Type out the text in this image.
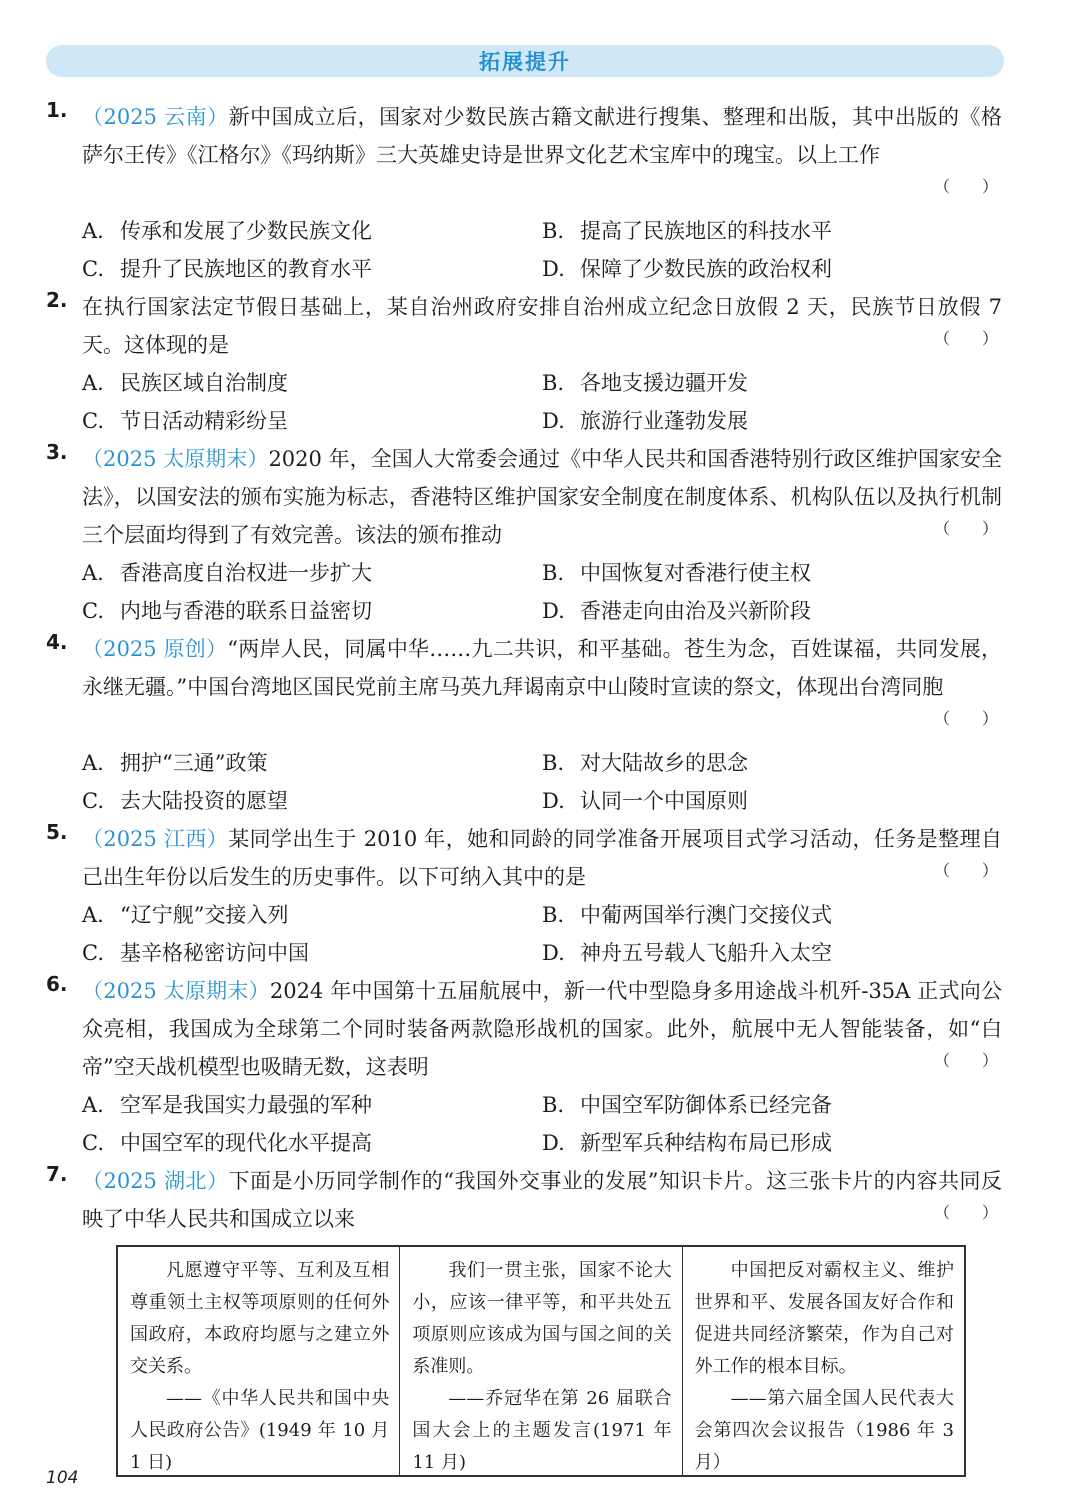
拓展提升
1. （2025 云南）新中国成立后，国家对少数民族古籍文献进行搜集、整理和出版，其中出版的《格萨尔王传》《江格尔》《玛纳斯》三大英雄史诗是世界文化艺术宝库中的瑰宝。以上工作
（　　）
A. 传承和发展了少数民族文化	B. 提高了民族地区的科技水平
C. 提升了民族地区的教育水平	D. 保障了少数民族的政治权利
2. 在执行国家法定节假日基础上，某自治州政府安排自治州成立纪念日放假 2 天，民族节日放假 7 天。这体现的是	（　　）
A. 民族区域自治制度	B. 各地支援边疆开发
C. 节日活动精彩纷呈	D. 旅游行业蓬勃发展
3. （2025 太原期末）2020 年，全国人大常委会通过《中华人民共和国香港特别行政区维护国家安全法》，以国安法的颁布实施为标志，香港特区维护国家安全制度在制度体系、机构队伍以及执行机制三个层面均得到了有效完善。该法的颁布推动	（　　）
A. 香港高度自治权进一步扩大	B. 中国恢复对香港行使主权
C. 内地与香港的联系日益密切	D. 香港走向由治及兴新阶段
4. （2025 原创）“两岸人民，同属中华……九二共识，和平基础。苍生为念，百姓谋福，共同发展，永继无疆。”中国台湾地区国民党前主席马英九拜谒南京中山陵时宣读的祭文，体现出台湾同胞
（　　）
A. 拥护“三通”政策	B. 对大陆故乡的思念
C. 去大陆投资的愿望	D. 认同一个中国原则
5. （2025 江西）某同学出生于 2010 年，她和同龄的同学准备开展项目式学习活动，任务是整理自己出生年份以后发生的历史事件。以下可纳入其中的是	（　　）
A. “辽宁舰”交接入列	B. 中葡两国举行澳门交接仪式
C. 基辛格秘密访问中国	D. 神舟五号载人飞船升入太空
6. （2025 太原期末）2024 年中国第十五届航展中，新一代中型隐身多用途战斗机歼-35A 正式向公众亮相，我国成为全球第二个同时装备两款隐形战机的国家。此外，航展中无人智能装备，如“白帝”空天战机模型也吸睛无数，这表明	（　　）
A. 空军是我国实力最强的军种	B. 中国空军防御体系已经完备
C. 中国空军的现代化水平提高	D. 新型军兵种结构布局已形成
7. （2025 湖北）下面是小历同学制作的“我国外交事业的发展”知识卡片。这三张卡片的内容共同反映了中华人民共和国成立以来	（　　）
凡愿遵守平等、互利及互相尊重领土主权等项原则的任何外国政府，本政府均愿与之建立外交关系。
——《中华人民共和国中央人民政府公告》(1949 年 10 月 1 日)
我们一贯主张，国家不论大小，应该一律平等，和平共处五项原则应该成为国与国之间的关系准则。
——乔冠华在第 26 届联合国大会上的主题发言(1971 年 11 月)
中国把反对霸权主义、维护世界和平、发展各国友好合作和促进共同经济繁荣，作为自己对外工作的根本目标。
——第六届全国人民代表大会第四次会议报告（1986 年 3 月）
104
